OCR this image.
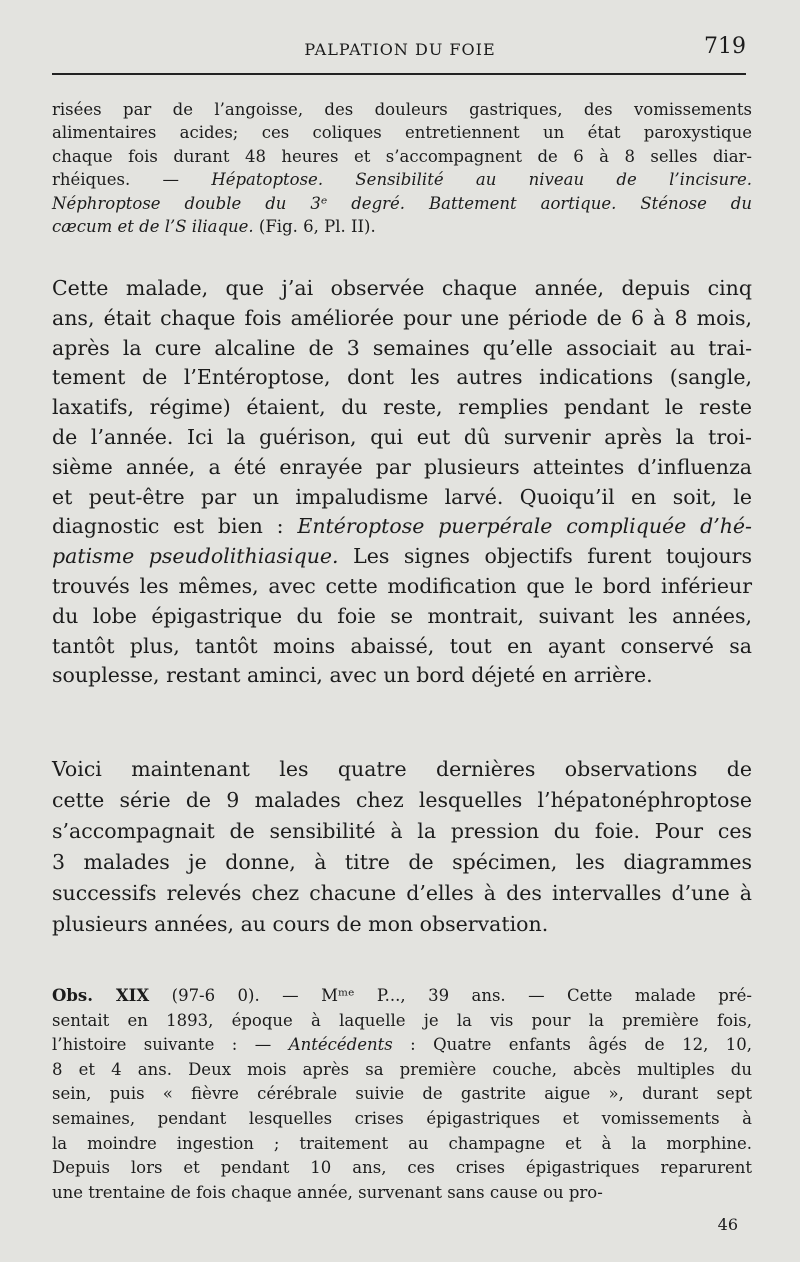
PALPATION DU FOIE	719
risées par de l’angoisse, des douleurs gastriques, des vomissements
alimentaires acides; ces coliques entretiennent un état paroxystique
chaque fois durant 48 heures et s’accompagnent de 6 à 8 selles diar-
rhéiques. — Hépatoptose. Sensibilité au niveau de l’incisure.
Néphroptose double du 3ᵉ degré. Battement aortique. Sténose du
cæcum et de l’S iliaque. (Fig. 6, Pl. II).
Cette malade, que j’ai observée chaque année, depuis cinq
ans, était chaque fois améliorée pour une période de 6 à 8 mois,
après la cure alcaline de 3 semaines qu’elle associait au trai-
tement de l’Entéroptose, dont les autres indications (sangle,
laxatifs, régime) étaient, du reste, remplies pendant le reste
de l’année. Ici la guérison, qui eut dû survenir après la troi-
sième année, a été enrayée par plusieurs atteintes d’influenza
et peut-être par un impaludisme larvé. Quoiqu’il en soit, le
diagnostic est bien : Entéroptose puerpérale compliquée d’hé-
patisme pseudolithiasique. Les signes objectifs furent toujours
trouvés les mêmes, avec cette modification que le bord inférieur
du lobe épigastrique du foie se montrait, suivant les années,
tantôt plus, tantôt moins abaissé, tout en ayant conservé sa
souplesse, restant aminci, avec un bord déjeté en arrière.
Voici maintenant les quatre dernières observations de
cette série de 9 malades chez lesquelles l’hépatonéphroptose
s’accompagnait de sensibilité à la pression du foie. Pour ces
3 malades je donne, à titre de spécimen, les diagrammes
successifs relevés chez chacune d’elles à des intervalles d’une à
plusieurs années, au cours de mon observation.
Obs. XIX (97-6 0). — Mᵐᵉ P..., 39 ans. — Cette malade pré-
sentait en 1893, époque à laquelle je la vis pour la première fois,
l’histoire suivante : — Antécédents : Quatre enfants âgés de 12, 10,
8 et 4 ans. Deux mois après sa première couche, abcès multiples du
sein, puis « fièvre cérébrale suivie de gastrite aigue », durant sept
semaines, pendant lesquelles crises épigastriques et vomissements à
la moindre ingestion ; traitement au champagne et à la morphine.
Depuis lors et pendant 10 ans, ces crises épigastriques reparurent
une trentaine de fois chaque année, survenant sans cause ou pro-
46
